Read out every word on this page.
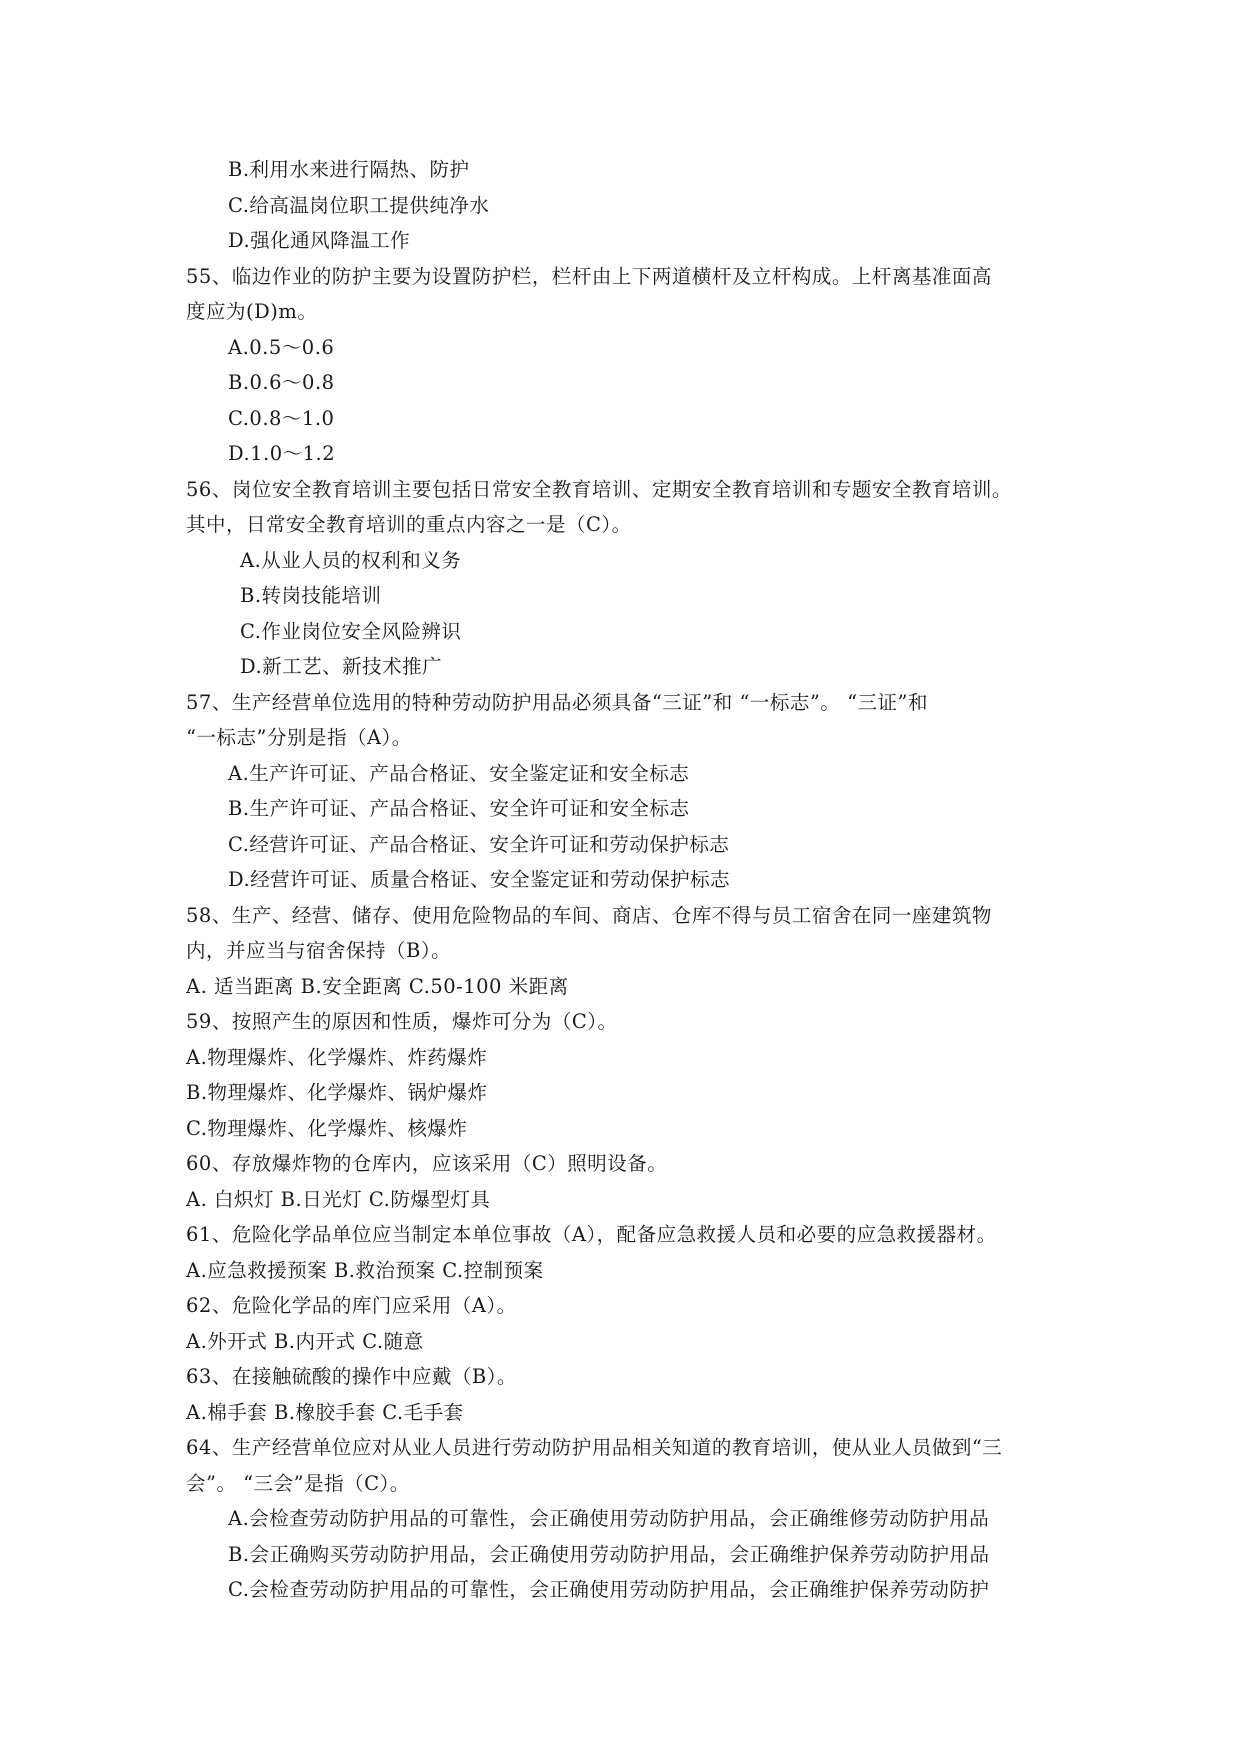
B.利用水来进行隔热、防护
C.给高温岗位职工提供纯净水
D.强化通风降温工作
55、临边作业的防护主要为设置防护栏，栏杆由上下两道横杆及立杆构成。上杆离基准面高
度应为(D)m。
A.0.5～0.6
B.0.6～0.8
C.0.8～1.0
D.1.0～1.2
56、岗位安全教育培训主要包括日常安全教育培训、定期安全教育培训和专题安全教育培训。
其中，日常安全教育培训的重点内容之一是（C）。
A.从业人员的权利和义务
B.转岗技能培训
C.作业岗位安全风险辨识
D.新工艺、新技术推广
57、生产经营单位选用的特种劳动防护用品必须具备“三证”和 “一标志”。 “三证”和
“一标志”分别是指（A）。
A.生产许可证、产品合格证、安全鉴定证和安全标志
B.生产许可证、产品合格证、安全许可证和安全标志
C.经营许可证、产品合格证、安全许可证和劳动保护标志
D.经营许可证、质量合格证、安全鉴定证和劳动保护标志
58、生产、经营、储存、使用危险物品的车间、商店、仓库不得与员工宿舍在同一座建筑物
内，并应当与宿舍保持（B）。
A. 适当距离 B.安全距离 C.50-100 米距离
59、按照产生的原因和性质，爆炸可分为（C）。
A.物理爆炸、化学爆炸、炸药爆炸
B.物理爆炸、化学爆炸、锅炉爆炸
C.物理爆炸、化学爆炸、核爆炸
60、存放爆炸物的仓库内，应该采用（C）照明设备。
A. 白炽灯 B.日光灯 C.防爆型灯具
61、危险化学品单位应当制定本单位事故（A），配备应急救援人员和必要的应急救援器材。
A.应急救援预案 B.救治预案 C.控制预案
62、危险化学品的库门应采用（A）。
A.外开式 B.内开式 C.随意
63、在接触硫酸的操作中应戴（B）。
A.棉手套 B.橡胶手套 C.毛手套
64、生产经营单位应对从业人员进行劳动防护用品相关知道的教育培训，使从业人员做到“三
会”。 “三会”是指（C）。
A.会检查劳动防护用品的可靠性，会正确使用劳动防护用品，会正确维修劳动防护用品
B.会正确购买劳动防护用品，会正确使用劳动防护用品，会正确维护保养劳动防护用品
C.会检查劳动防护用品的可靠性，会正确使用劳动防护用品，会正确维护保养劳动防护
